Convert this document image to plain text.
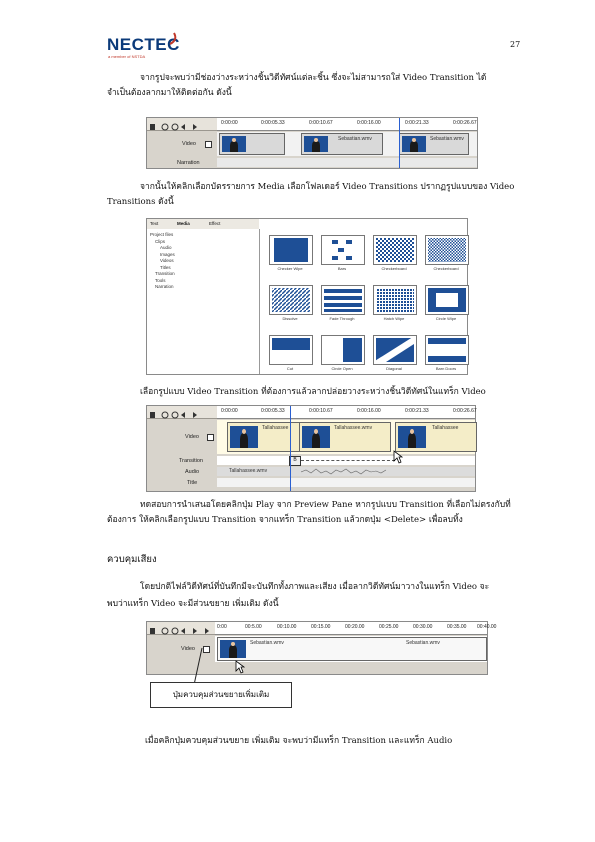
NECTEC
a member of NSTDA
27
จากรูปจะพบว่ามีช่องว่างระหว่างชิ้นวิดีทัศน์แต่ละชิ้น ซึ่งจะไม่สามารถใส่ Video Transition ได้
จำเป็นต้องลากมาให้ติดต่อกัน ดังนี้
0:00:00	0:00:05.33	0:00:10.67	0:00:16.00	0:00:21.33	0:00:26.67
Video
Narration
Sebastian.wmv	Sebastian.wmv
จากนั้นให้คลิกเลือกบัตรรายการ Media เลือกโฟลเดอร์ Video Transitions ปรากฏรูปแบบของ Video
Transitions ดังนี้
Text	Media	Effect
Project files
Clips
Audio
Images
Videos
Titles
Transition
Tools
Narration
Checker Wipe	Bars	Checkerboard	Checkerboard
Dissolve	Fade Through	Hatch Wipe	Circle Wipe
Cut	Circle Open	Diagonal	Barn Doors
เลือกรูปแบบ Video Transition ที่ต้องการแล้วลากปล่อยวางระหว่างชิ้นวิดีทัศน์ในแทร็ก Video
0:00:00	0:00:05.33	0:00:10.67	0:00:16.00	0:00:21.33	0:00:26.67
Video
Transition
Audio
Title
Tallahassee	Tallahassee.wmv	Tallahassee
B
Tallahassee.wmv
ทดสอบการนำเสนอโดยคลิกปุ่ม Play จาก Preview Pane หากรูปแบบ Transition ที่เลือกไม่ตรงกับที่
ต้องการ ให้คลิกเลือกรูปแบบ Transition จากแทร็ก Transition แล้วกดปุ่ม <Delete> เพื่อลบทิ้ง
ควบคุมเสียง
โดยปกติไฟล์วิดีทัศน์ที่บันทึกมีจะบันทึกทั้งภาพและเสียง เมื่อลากวิดีทัศน์มาวางในแทร็ก Video จะ
พบว่าแทร็ก Video จะมีส่วนขยาย เพิ่มเติม ดังนี้
0:00	00:5.00	00:10.00	00:15.00	00:20.00	00:25.00	00:30.00	00:35.00 00:40.00
Video
Sebastian.wmv	Sebastian.wmv
ปุ่มควบคุมส่วนขยายเพิ่มเติม
เมื่อคลิกปุ่มควบคุมส่วนขยาย เพิ่มเติม จะพบว่ามีแทร็ก Transition และแทร็ก Audio
